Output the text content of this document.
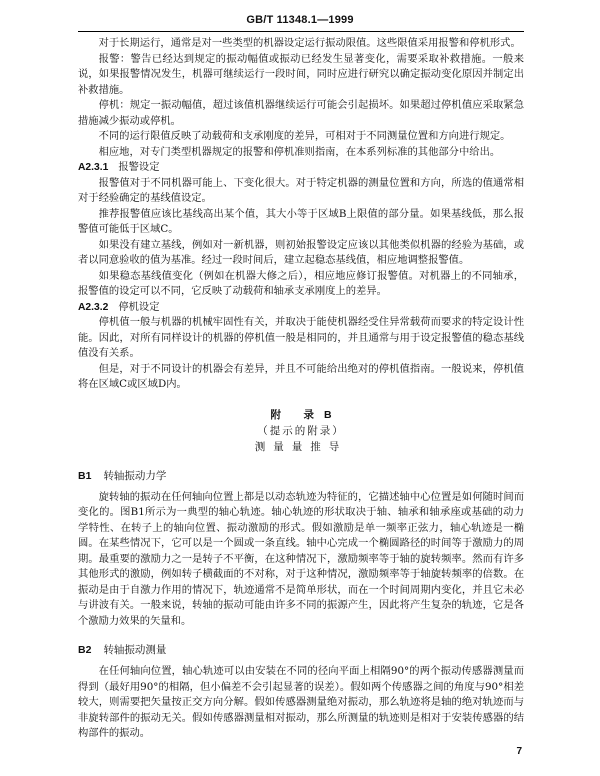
GB/T 11348.1—1999

对于长期运行，通常是对一些类型的机器设定运行振动限值。这些限值采用报警和停机形式。

报警：警告已经达到规定的振动幅值或振动已经发生显著变化，需要采取补救措施。一般来说，如果报警情况发生，机器可继续运行一段时间，同时应进行研究以确定振动变化原因并制定出补救措施。

停机：规定一振动幅值，超过该值机器继续运行可能会引起损坏。如果超过停机值应采取紧急措施减少振动或停机。

不同的运行限值反映了动载荷和支承刚度的差异，可相对于不同测量位置和方向进行规定。

相应地，对专门类型机器规定的报警和停机准则指南，在本系列标准的其他部分中给出。

A2.3.1 报警设定

报警值对于不同机器可能上、下变化很大。对于特定机器的测量位置和方向，所选的值通常相对于经验确定的基线值设定。

推荐报警值应该比基线高出某个值，其大小等于区域B上限值的部分量。如果基线低，那么报警值可能低于区域C。

如果没有建立基线，例如对一新机器，则初始报警设定应该以其他类似机器的经验为基础，或者以同意验收的值为基准。经过一段时间后，建立起稳态基线值，相应地调整报警值。

如果稳态基线值变化（例如在机器大修之后），相应地应修订报警值。对机器上的不同轴承，报警值的设定可以不同，它反映了动载荷和轴承支承刚度上的差异。

A2.3.2 停机设定

停机值一般与机器的机械牢固性有关，并取决于能使机器经受住异常载荷而要求的特定设计性能。因此，对所有同样设计的机器的停机值一般是相同的，并且通常与用于设定报警值的稳态基线值没有关系。

但是，对于不同设计的机器会有差异，并且不可能给出绝对的停机值指南。一般说来，停机值将在区域C或区域D内。

附　录 B
（提示的附录）
测量量推导
B1 转轴振动力学

旋转轴的振动在任何轴向位置上都是以动态轨迹为特征的，它描述轴中心位置是如何随时间而变化的。图B1所示为一典型的轴心轨迹。轴心轨迹的形状取决于轴、轴承和轴承座或基础的动力学特性、在转子上的轴向位置、振动激励的形式。假如激励是单一频率正弦力，轴心轨迹是一椭圆。在某些情况下，它可以是一个圆或一条直线。轴中心完成一个椭圆路径的时间等于激励力的周期。最重要的激励力之一是转子不平衡，在这种情况下，激励频率等于轴的旋转频率。然而有许多其他形式的激励，例如转子横截面的不对称，对于这种情况，激励频率等于轴旋转频率的倍数。在振动是由于自激力作用的情况下，轨迹通常不是简单形状，而在一个时间周期内变化，并且它未必与讲波有关。一般来说，转轴的振动可能由许多不同的振源产生，因此将产生复杂的轨迹，它是各个激励力效果的矢量和。

B2 转轴振动测量

在任何轴向位置，轴心轨迹可以由安装在不同的径向平面上相隔90°的两个振动传感器测量而得到（最好用90°的相隔，但小偏差不会引起显著的误差）。假如两个传感器之间的角度与90°相差较大，则需要把矢量按正交方向分解。假如传感器测量绝对振动，那么轨迹将是轴的绝对轨迹而与非旋转部件的振动无关。假如传感器测量相对振动，那么所测量的轨迹则是相对于安装传感器的结构部件的振动。

7
